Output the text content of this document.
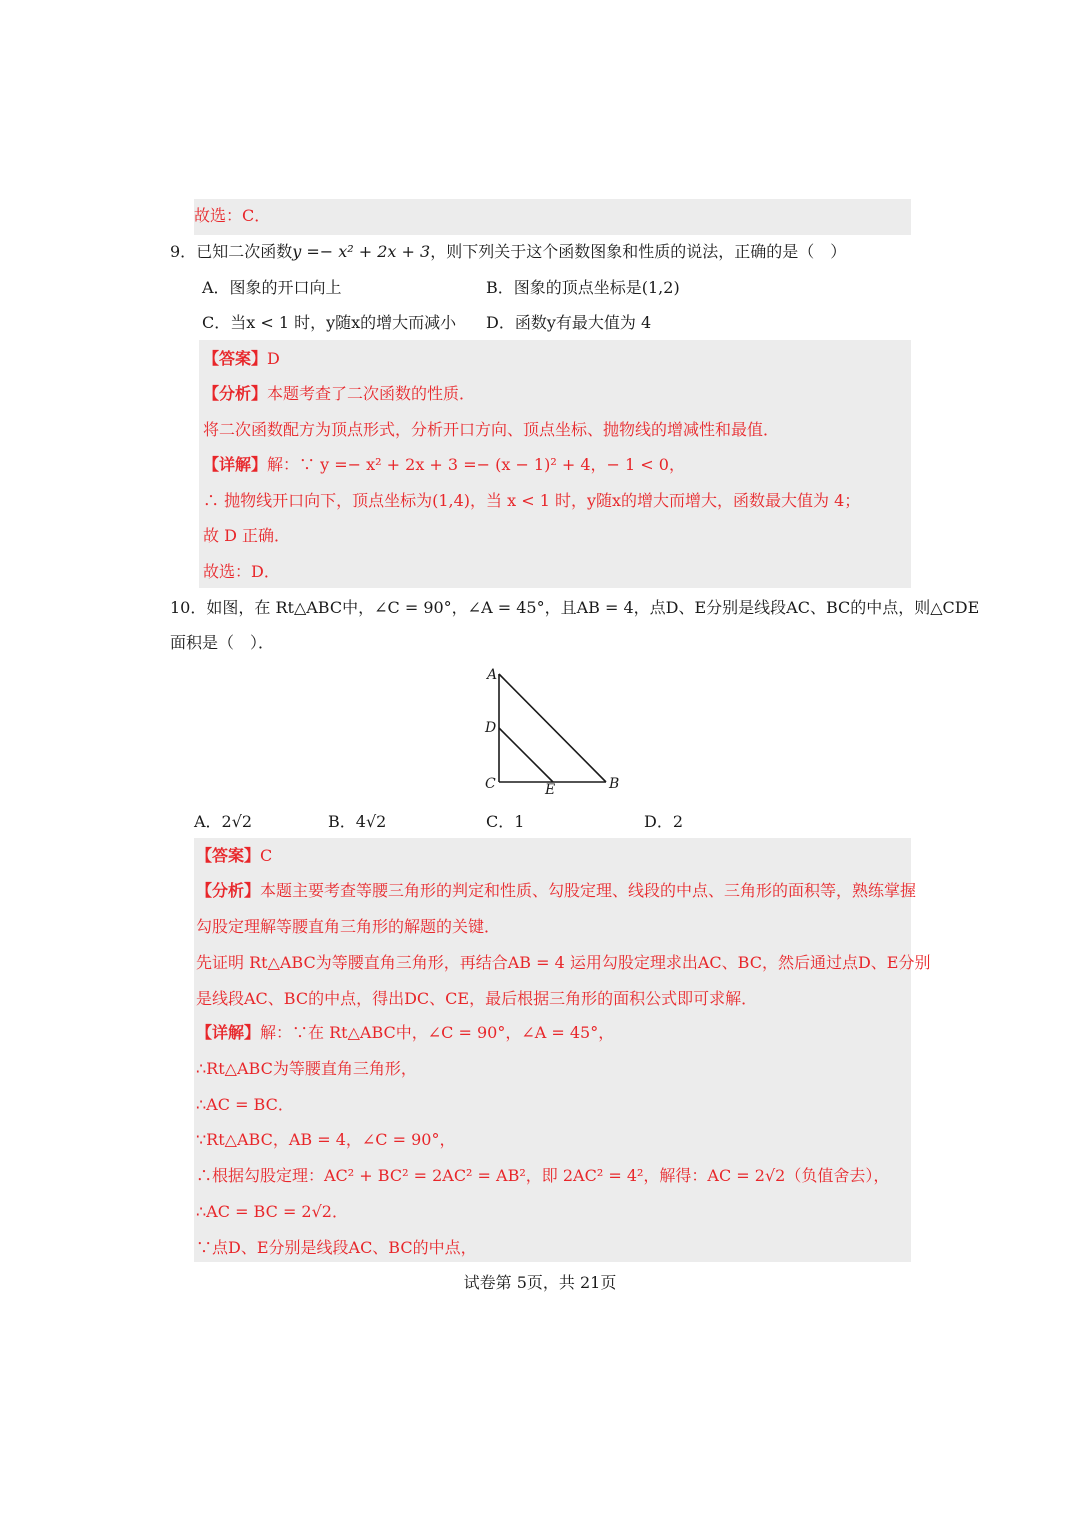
故选：C．
9．已知二次函数y =− x² + 2x + 3，则下列关于这个函数图象和性质的说法，正确的是（　）
A．图象的开口向上	B．图象的顶点坐标是(1,2)
C．当x < 1 时，y随x的增大而减小 D．函数y有最大值为 4
【答案】D
【分析】本题考查了二次函数的性质．
将二次函数配方为顶点形式，分析开口方向、顶点坐标、抛物线的增减性和最值．
【详解】解：∵ y =− x² + 2x + 3 =− (x − 1)² + 4，− 1 < 0，
∴ 抛物线开口向下，顶点坐标为(1,4)，当 x < 1 时，y随x的增大而增大，函数最大值为 4；
故 D 正确．
故选：D．
10．如图，在 Rt△ABC中，∠C = 90°，∠A = 45°，且AB = 4，点D、E分别是线段AC、BC的中点，则△CDE
面积是（　）．
A
D
C	E	B
A．2√2	B．4√2	C．1	D．2
【答案】C
【分析】本题主要考查等腰三角形的判定和性质、勾股定理、线段的中点、三角形的面积等，熟练掌握
勾股定理解等腰直角三角形的解题的关键．
先证明 Rt△ABC为等腰直角三角形，再结合AB = 4 运用勾股定理求出AC、BC，然后通过点D、E分别
是线段AC、BC的中点，得出DC、CE，最后根据三角形的面积公式即可求解．
【详解】解：∵在 Rt△ABC中，∠C = 90°，∠A = 45°，
∴Rt△ABC为等腰直角三角形，
∴AC = BC．
∵Rt△ABC，AB = 4，∠C = 90°，
∴根据勾股定理：AC² + BC² = 2AC² = AB²，即 2AC² = 4²，解得：AC = 2√2（负值舍去），
∴AC = BC = 2√2．
∵点D、E分别是线段AC、BC的中点，
试卷第 5页，共 21页
